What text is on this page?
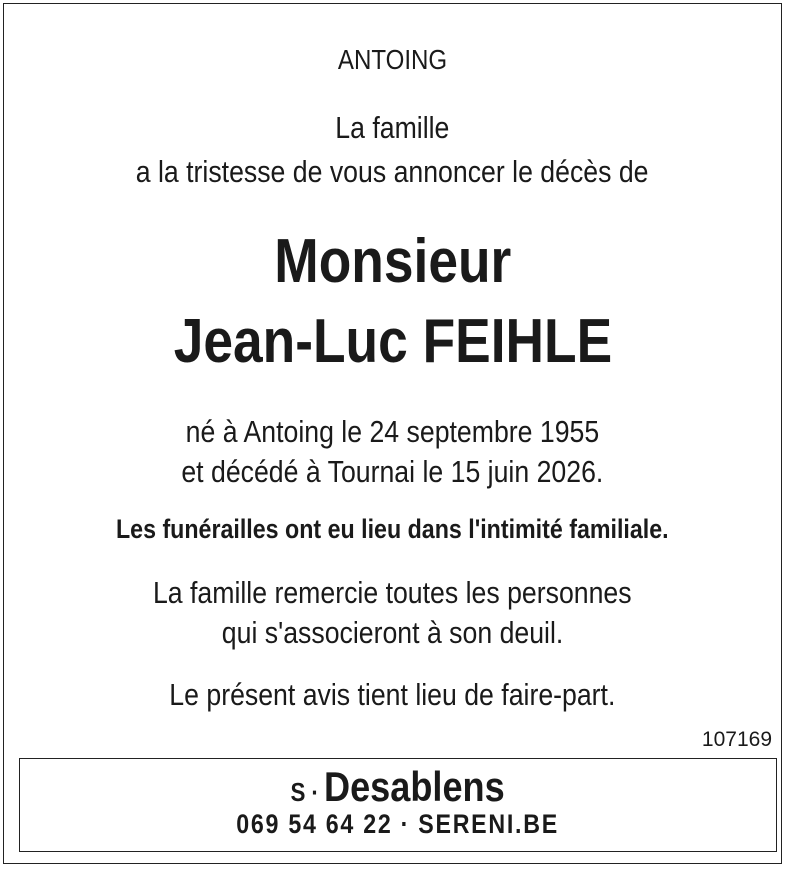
ANTOING
La famille
a la tristesse de vous annoncer le décès de
Monsieur
Jean-Luc FEIHLE
né à Antoing le 24 septembre 1955
et décédé à Tournai le 15 juin 2026.
Les funérailles ont eu lieu dans l'intimité familiale.
La famille remercie toutes les personnes
qui s'associeront à son deuil.
Le présent avis tient lieu de faire-part.
107169
S · Desablens
069 54 64 22 · SERENI.BE
